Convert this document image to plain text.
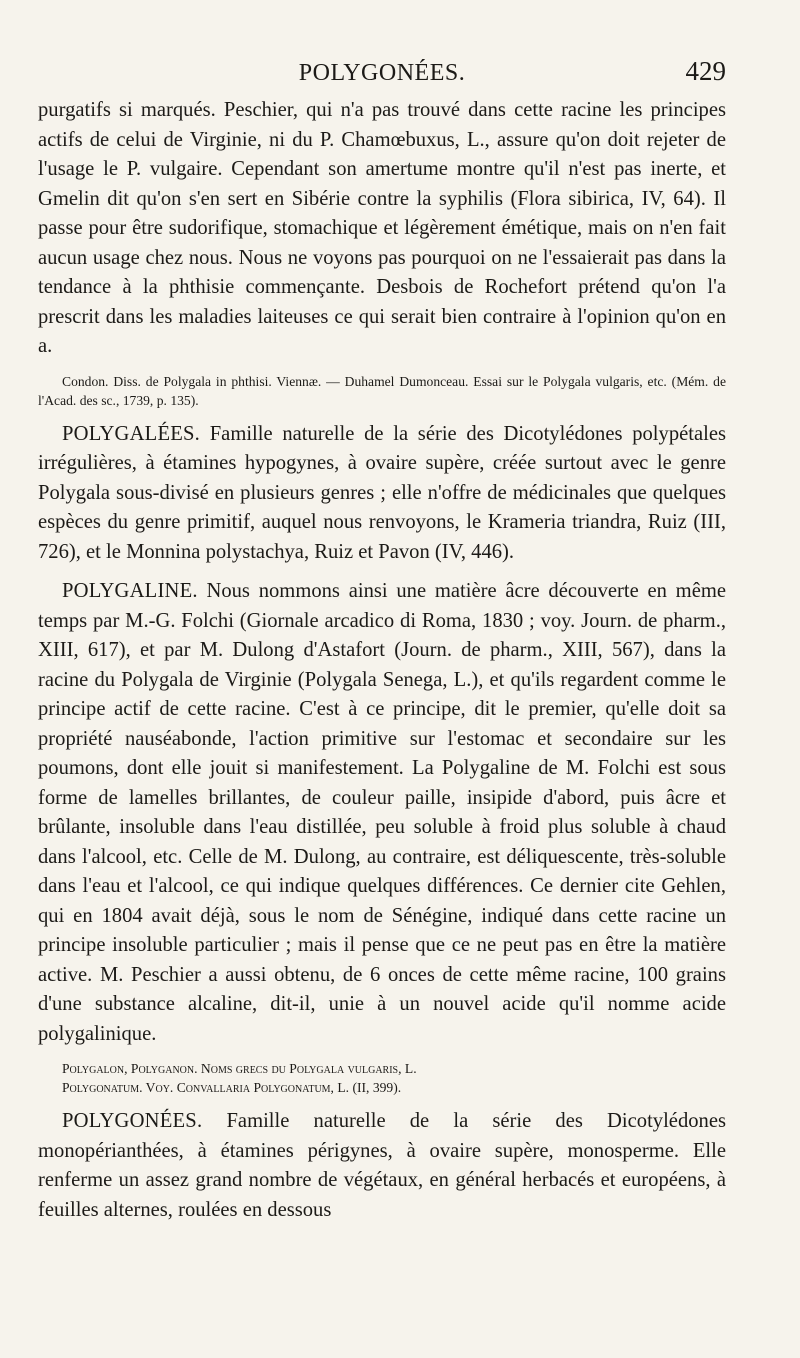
POLYGONÉES.	429

purgatifs si marqués. Peschier, qui n'a pas trouvé dans cette racine les principes actifs de celui de Virginie, ni du P. Chamœbuxus, L., assure qu'on doit rejeter de l'usage le P. vulgaire. Cependant son amertume montre qu'il n'est pas inerte, et Gmelin dit qu'on s'en sert en Sibérie contre la syphilis (Flora sibirica, IV, 64). Il passe pour être sudorifique, stomachique et légèrement émétique, mais on n'en fait aucun usage chez nous. Nous ne voyons pas pourquoi on ne l'essaierait pas dans la tendance à la phthisie commençante. Desbois de Rochefort prétend qu'on l'a prescrit dans les maladies laiteuses ce qui serait bien contraire à l'opinion qu'on en a.

Condon. Diss. de Polygala in phthisi. Viennæ. — Duhamel Dumonceau. Essai sur le Polygala vulgaris, etc. (Mém. de l'Acad. des sc., 1739, p. 135).

POLYGALÉES. Famille naturelle de la série des Dicotylédones polypétales irrégulières, à étamines hypogynes, à ovaire supère, créée surtout avec le genre Polygala sous-divisé en plusieurs genres ; elle n'offre de médicinales que quelques espèces du genre primitif, auquel nous renvoyons, le Krameria triandra, Ruiz (III, 726), et le Monnina polystachya, Ruiz et Pavon (IV, 446).

POLYGALINE. Nous nommons ainsi une matière âcre découverte en même temps par M.-G. Folchi (Giornale arcadico di Roma, 1830 ; voy. Journ. de pharm., XIII, 617), et par M. Dulong d'Astafort (Journ. de pharm., XIII, 567), dans la racine du Polygala de Virginie (Polygala Senega, L.), et qu'ils regardent comme le principe actif de cette racine. C'est à ce principe, dit le premier, qu'elle doit sa propriété nauséabonde, l'action primitive sur l'estomac et secondaire sur les poumons, dont elle jouit si manifestement. La Polygaline de M. Folchi est sous forme de lamelles brillantes, de couleur paille, insipide d'abord, puis âcre et brûlante, insoluble dans l'eau distillée, peu soluble à froid plus soluble à chaud dans l'alcool, etc. Celle de M. Dulong, au contraire, est déliquescente, très-soluble dans l'eau et l'alcool, ce qui indique quelques différences. Ce dernier cite Gehlen, qui en 1804 avait déjà, sous le nom de Sénégine, indiqué dans cette racine un principe insoluble particulier ; mais il pense que ce ne peut pas en être la matière active. M. Peschier a aussi obtenu, de 6 onces de cette même racine, 100 grains d'une substance alcaline, dit-il, unie à un nouvel acide qu'il nomme acide polygalinique.

Polygalon, Polyganon. Noms grecs du Polygala vulgaris, L.

Polygonatum. Voy. Convallaria Polygonatum, L. (II, 399).

POLYGONÉES. Famille naturelle de la série des Dicotylédones monopérianthées, à étamines périgynes, à ovaire supère, monosperme. Elle renferme un assez grand nombre de végétaux, en général herbacés et européens, à feuilles alternes, roulées en dessous
